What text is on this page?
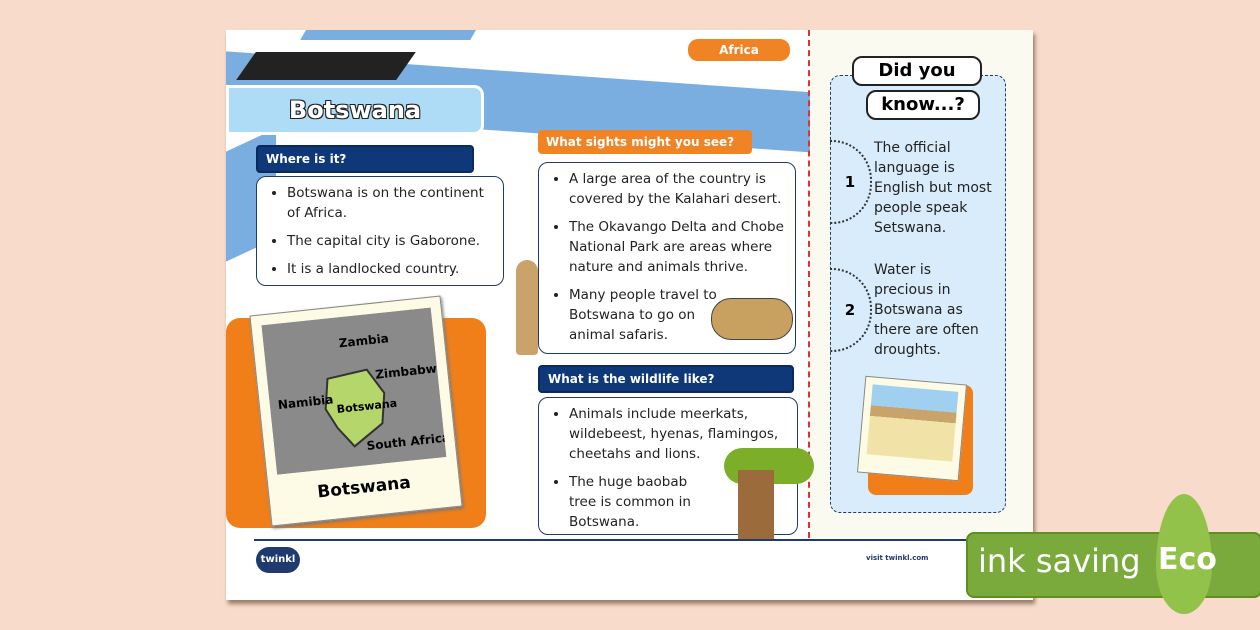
Africa
Botswana
Where is it?
• Botswana is on the continent of Africa.
• The capital city is Gaborone.
• It is a landlocked country.
Zambia
Zimbabwe
Namibia Botswana
South Africa
Botswana
What sights might you see?
• A large area of the country is covered by the Kalahari desert.
• The Okavango Delta and Chobe National Park are areas where nature and animals thrive.
• Many people travel to Botswana to go on animal safaris.
What is the wildlife like?
• Animals include meerkats, wildebeest, hyenas, flamingos, cheetahs and lions.
• The huge baobab tree is common in Botswana.
Did you
know...?
1
The official language is English but most people speak Setswana.
2
Water is precious in Botswana as there are often droughts.
twinkl	visit twinkl.com ink saving Eco
